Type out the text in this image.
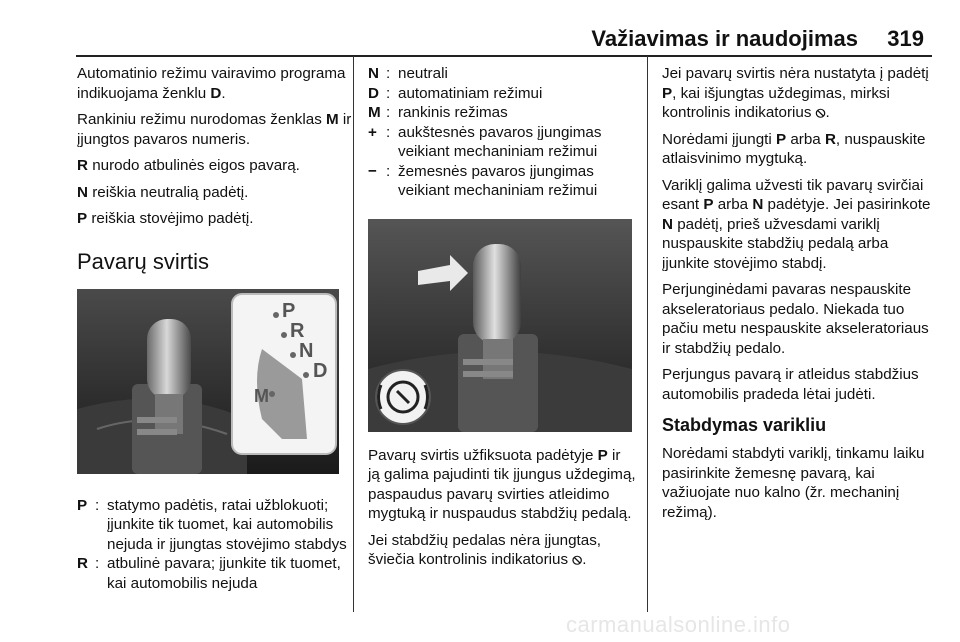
Važiavimas ir naudojimas 319

Automatinio režimu vairavimo programa indikuojama ženklu D.

Rankiniu režimu nurodomas ženklas M ir įjungtos pavaros numeris.

R nurodo atbulinės eigos pavarą.

N reiškia neutralią padėtį.

P reiškia stovėjimo padėtį.

Pavarų svirtis

P
R
N
D
M
P : statymo padėtis, ratai užblokuoti; įjunkite tik tuomet, kai automobilis nejuda ir įjungtas stovėjimo stabdys
R : atbulinė pavara; įjunkite tik tuomet, kai automobilis nejuda
N : neutrali
D : automatiniam režimui
M : rankinis režimas
+ : aukštesnės pavaros įjungimas veikiant mechaniniam režimui
− : žemesnės pavaros įjungimas veikiant mechaniniam režimui

Pavarų svirtis užfiksuota padėtyje P ir ją galima pajudinti tik įjungus uždegimą, paspaudus pavarų svirties atleidimo mygtuką ir nuspaudus stabdžių pedalą.

Jei stabdžių pedalas nėra įjungtas, šviečia kontrolinis indikatorius ⦸.

Jei pavarų svirtis nėra nustatyta į padėtį P, kai išjungtas uždegimas, mirksi kontrolinis indikatorius ⦸.

Norėdami įjungti P arba R, nuspauskite atlaisvinimo mygtuką.

Variklį galima užvesti tik pavarų svirčiai esant P arba N padėtyje. Jei pasirinkote N padėtį, prieš užvesdami variklį nuspauskite stabdžių pedalą arba įjunkite stovėjimo stabdį.

Perjunginėdami pavaras nespauskite akseleratoriaus pedalo. Niekada tuo pačiu metu nespauskite akseleratoriaus ir stabdžių pedalo.

Perjungus pavarą ir atleidus stabdžius automobilis pradeda lėtai judėti.

Stabdymas varikliu

Norėdami stabdyti variklį, tinkamu laiku pasirinkite žemesnę pavarą, kai važiuojate nuo kalno (žr. mechaninį režimą).

carmanualsonline.info
